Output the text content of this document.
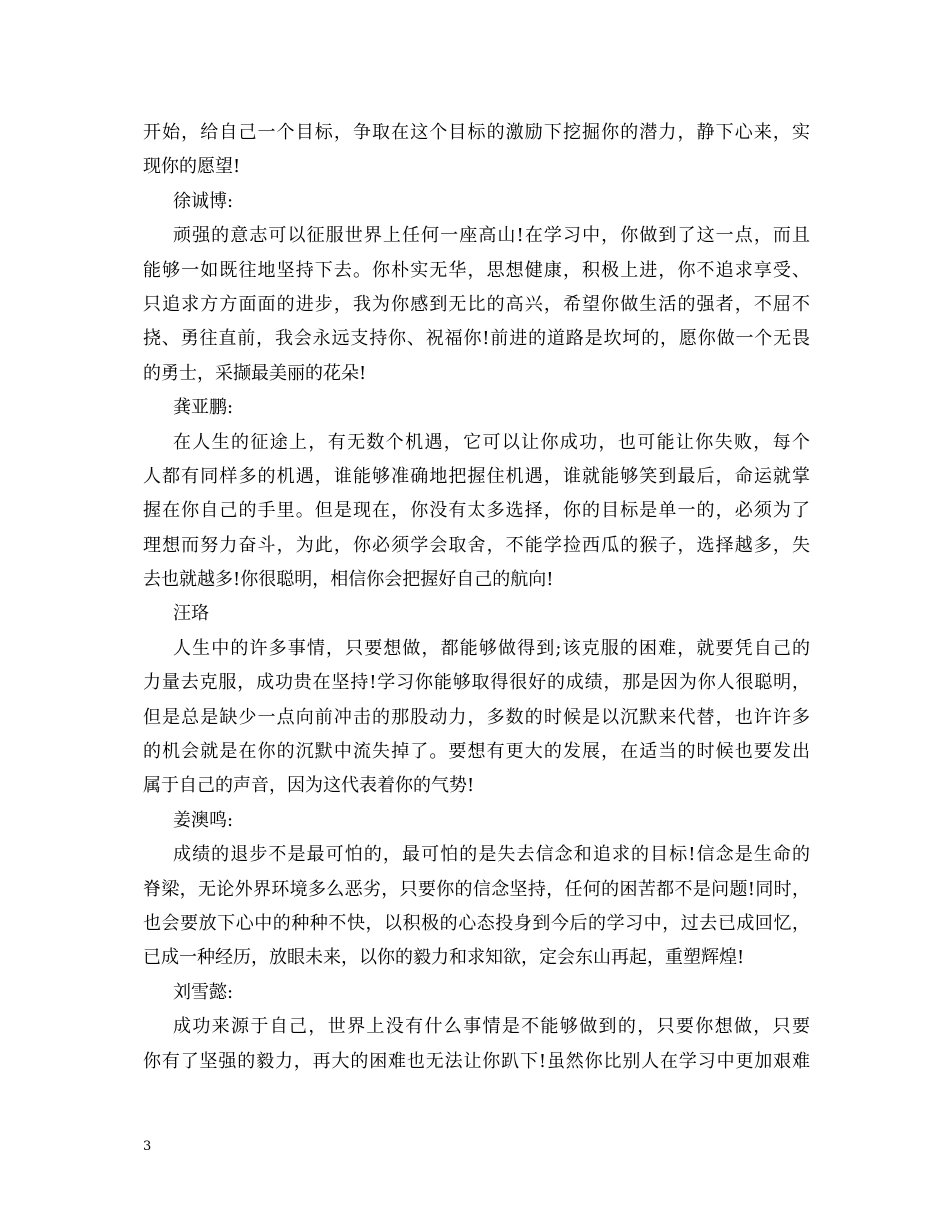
开始，给自己一个目标，争取在这个目标的激励下挖掘你的潜力，静下心来，实
现你的愿望!
徐诚博:
顽强的意志可以征服世界上任何一座高山!在学习中，你做到了这一点，而且
能够一如既往地坚持下去。你朴实无华，思想健康，积极上进，你不追求享受、
只追求方方面面的进步，我为你感到无比的高兴，希望你做生活的强者，不屈不
挠、勇往直前，我会永远支持你、祝福你!前进的道路是坎坷的，愿你做一个无畏
的勇士，采撷最美丽的花朵!
龚亚鹏:
在人生的征途上，有无数个机遇，它可以让你成功，也可能让你失败，每个
人都有同样多的机遇，谁能够准确地把握住机遇，谁就能够笑到最后，命运就掌
握在你自己的手里。但是现在，你没有太多选择，你的目标是单一的，必须为了
理想而努力奋斗，为此，你必须学会取舍，不能学捡西瓜的猴子，选择越多，失
去也就越多!你很聪明，相信你会把握好自己的航向!
汪珞
人生中的许多事情，只要想做，都能够做得到;该克服的困难，就要凭自己的
力量去克服，成功贵在坚持!学习你能够取得很好的成绩，那是因为你人很聪明，
但是总是缺少一点向前冲击的那股动力，多数的时候是以沉默来代替，也许许多
的机会就是在你的沉默中流失掉了。要想有更大的发展，在适当的时候也要发出
属于自己的声音，因为这代表着你的气势!
姜澳鸣:
成绩的退步不是最可怕的，最可怕的是失去信念和追求的目标!信念是生命的
脊梁，无论外界环境多么恶劣，只要你的信念坚持，任何的困苦都不是问题!同时，
也会要放下心中的种种不快，以积极的心态投身到今后的学习中，过去已成回忆，
已成一种经历，放眼未来，以你的毅力和求知欲，定会东山再起，重塑辉煌!
刘雪懿:
成功来源于自己，世界上没有什么事情是不能够做到的，只要你想做，只要
你有了坚强的毅力，再大的困难也无法让你趴下!虽然你比别人在学习中更加艰难
3
